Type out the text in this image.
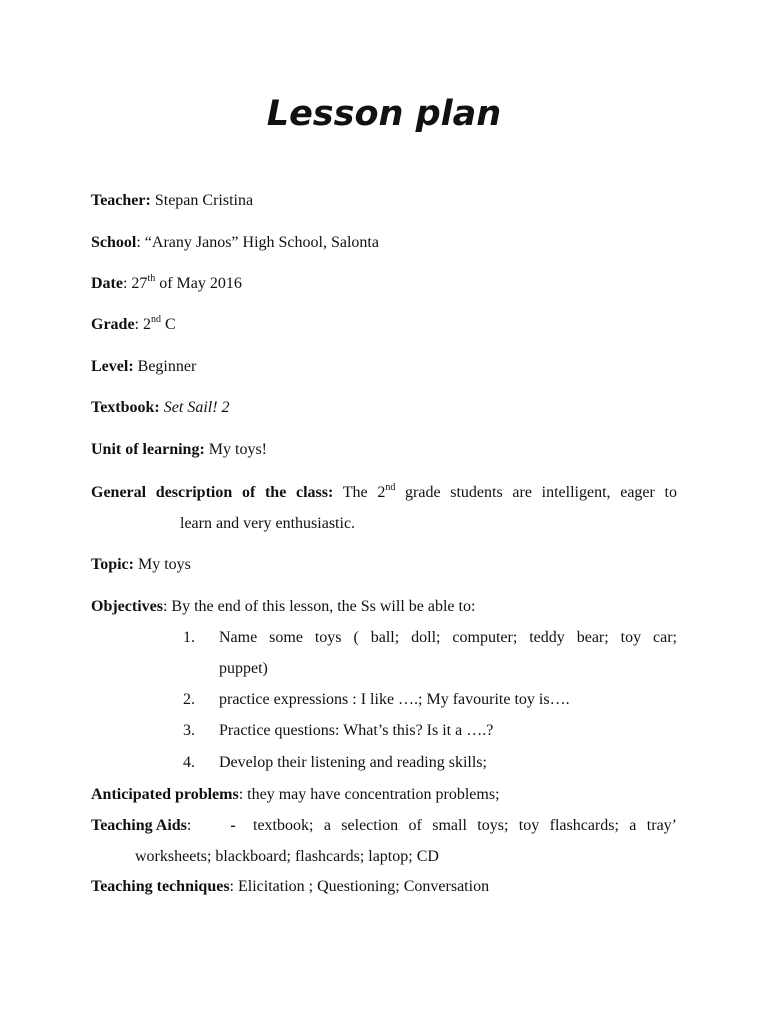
Lesson plan
Teacher: Stepan Cristina
School: “Arany Janos” High School, Salonta
Date: 27th of May 2016
Grade: 2nd C
Level: Beginner
Textbook: Set Sail! 2
Unit of learning: My toys!
General description of the class: The 2nd grade students are intelligent, eager to
learn and very enthusiastic.
Topic: My toys
Objectives: By the end of this lesson, the Ss will be able to:
1.	Name some toys ( ball; doll; computer; teddy bear; toy car;
puppet)
2.	practice expressions : I like ….; My favourite toy is….
3.	Practice questions: What’s this? Is it a ….?
4.	Develop their listening and reading skills;
Anticipated problems: they may have concentration problems;
Teaching Aids:	-	textbook; a selection of small toys; toy flashcards; a tray’
worksheets; blackboard; flashcards; laptop; CD
Teaching techniques: Elicitation ; Questioning; Conversation
